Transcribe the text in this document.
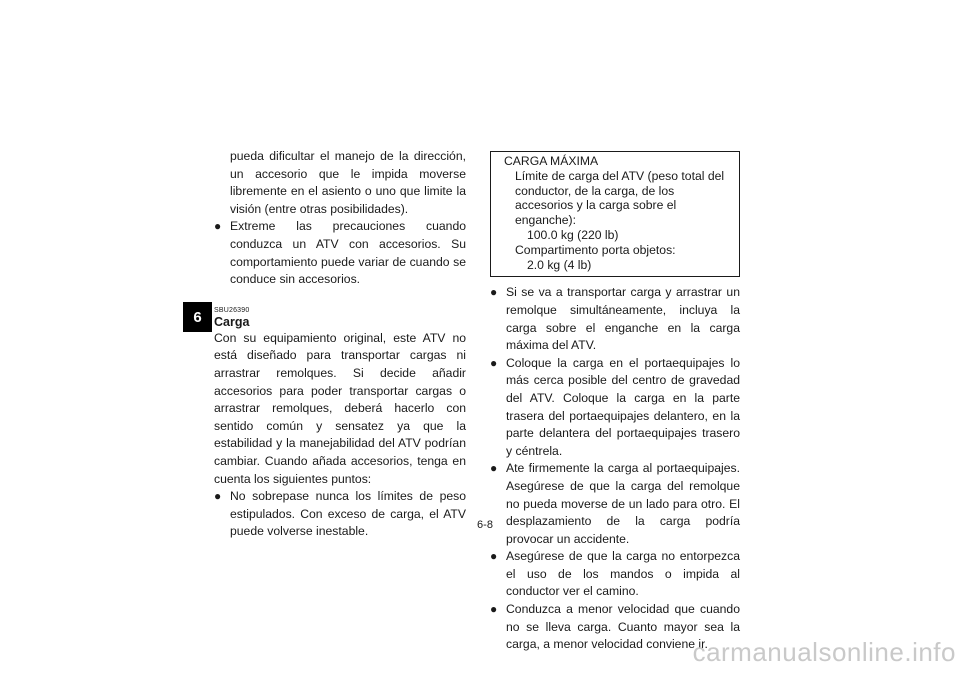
6

pueda dificultar el manejo de la dirección, un accesorio que le impida moverse libremente en el asiento o uno que limite la visión (entre otras posibilidades).

● Extreme las precauciones cuando conduzca un ATV con accesorios. Su comportamiento puede variar de cuando se conduce sin accesorios.
SBU26390
Carga

Con su equipamiento original, este ATV no está diseñado para transportar cargas ni arrastrar remolques. Si decide añadir accesorios para poder transportar cargas o arrastrar remolques, deberá hacerlo con sentido común y sensatez ya que la estabilidad y la manejabilidad del ATV podrían cambiar. Cuando añada accesorios, tenga en cuenta los siguientes puntos:

● No sobrepase nunca los límites de peso estipulados. Con exceso de carga, el ATV puede volverse inestable.
CARGA MÁXIMA
Límite de carga del ATV (peso total del conductor, de la carga, de los accesorios y la carga sobre el enganche):
100.0 kg (220 lb)
Compartimento porta objetos:
2.0 kg (4 lb)
● Si se va a transportar carga y arrastrar un remolque simultáneamente, incluya la carga sobre el enganche en la carga máxima del ATV.
● Coloque la carga en el portaequipajes lo más cerca posible del centro de gravedad del ATV. Coloque la carga en la parte trasera del portaequipajes delantero, en la parte delantera del portaequipajes trasero y céntrela.
● Ate firmemente la carga al portaequipajes. Asegúrese de que la carga del remolque no pueda moverse de un lado para otro. El desplazamiento de la carga podría provocar un accidente.
● Asegúrese de que la carga no entorpezca el uso de los mandos o impida al conductor ver el camino.
● Conduzca a menor velocidad que cuando no se lleva carga. Cuanto mayor sea la carga, a menor velocidad conviene ir.
6-8
carmanualsonline.info
